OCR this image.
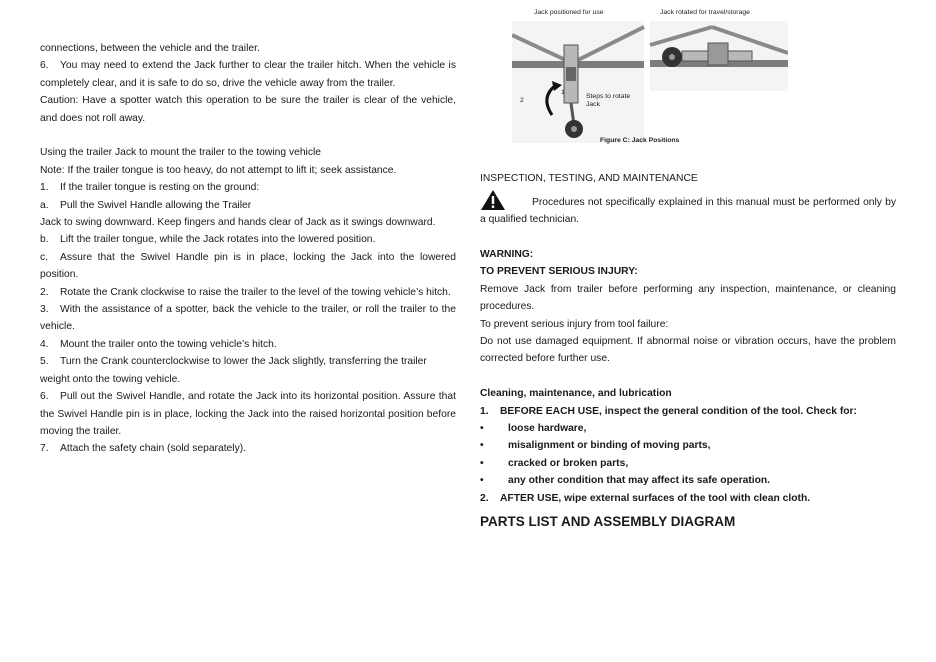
connections, between the vehicle and the trailer.

6. You may need to extend the Jack further to clear the trailer hitch. When the vehicle is completely clear, and it is safe to do so, drive the vehicle away from the trailer.

Caution: Have a spotter watch this operation to be sure the trailer is clear of the vehicle, and does not roll away.

Using the trailer Jack to mount the trailer to the towing vehicle

Note: If the trailer tongue is too heavy, do not attempt to lift it; seek assistance.

1. If the trailer tongue is resting on the ground:

a. Pull the Swivel Handle allowing the Trailer

Jack to swing downward. Keep fingers and hands clear of Jack as it swings downward.

b. Lift the trailer tongue, while the Jack rotates into the lowered position.

c. Assure that the Swivel Handle pin is in place, locking the Jack into the lowered position.

2. Rotate the Crank clockwise to raise the trailer to the level of the towing vehicle’s hitch.

3. With the assistance of a spotter, back the vehicle to the trailer, or roll the trailer to the vehicle.

4. Mount the trailer onto the towing vehicle’s hitch.

5. Turn the Crank counterclockwise to lower the Jack slightly, transferring the trailer weight onto the towing vehicle.

6. Pull out the Swivel Handle, and rotate the Jack into its horizontal position. Assure that the Swivel Handle pin is in place, locking the Jack into the raised horizontal position before moving the trailer.

7. Attach the safety chain (sold separately).

Jack positioned for use	Jack rotated for travel/storage
2
1
Steps to rotate Jack
Figure C: Jack Positions

INSPECTION, TESTING, AND MAINTENANCE

Procedures not specifically explained in this manual must be performed only by a qualified technician.

WARNING:

TO PREVENT SERIOUS INJURY:

Remove Jack from trailer before performing any inspection, maintenance, or cleaning procedures.

To prevent serious injury from tool failure:

Do not use damaged equipment. If abnormal noise or vibration occurs, have the problem corrected before further use.

Cleaning, maintenance, and lubrication

1. BEFORE EACH USE, inspect the general condition of the tool. Check for:

• loose hardware,

• misalignment or binding of moving parts,

• cracked or broken parts,

• any other condition that may affect its safe operation.

2. AFTER USE, wipe external surfaces of the tool with clean cloth.

PARTS LIST AND ASSEMBLY DIAGRAM
